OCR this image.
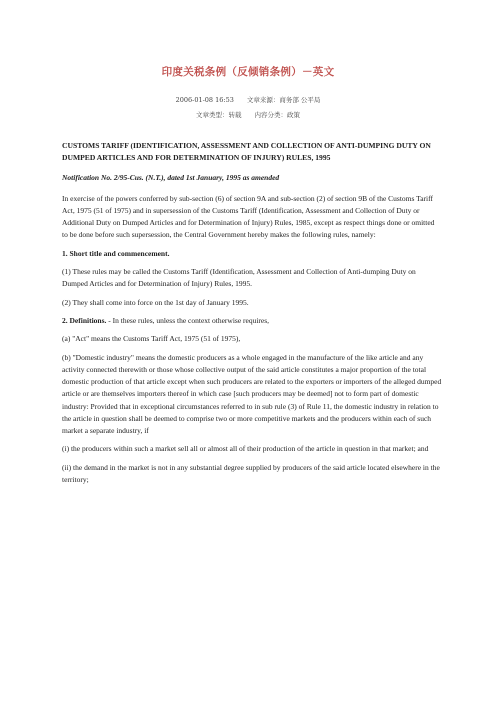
印度关税条例（反倾销条例）－英文
2006-01-08 16:53　　文章来源：商务部 公平局
文章类型：转载　　内容分类：政策

CUSTOMS TARIFF (IDENTIFICATION, ASSESSMENT AND COLLECTION OF ANTI-DUMPING DUTY ON DUMPED ARTICLES AND FOR DETERMINATION OF INJURY) RULES, 1995

Notification No. 2/95-Cus. (N.T.), dated 1st January, 1995 as amended

In exercise of the powers conferred by sub-section (6) of section 9A and sub-section (2) of section 9B of the Customs Tariff Act, 1975 (51 of 1975) and in supersession of the Customs Tariff (Identification, Assessment and Collection of Duty or Additional Duty on Dumped Articles and for Determination of Injury) Rules, 1985, except as respect things done or omitted to be done before such supersession, the Central Government hereby makes the following rules, namely:

1. Short title and commencement.

(1) These rules may be called the Customs Tariff (Identification, Assessment and Collection of Anti-dumping Duty on Dumped Articles and for Determination of Injury) Rules, 1995.

(2) They shall come into force on the 1st day of January 1995.

2. Definitions. - In these rules, unless the context otherwise requires,

(a) "Act" means the Customs Tariff Act, 1975 (51 of 1975),

(b) "Domestic industry" means the domestic producers as a whole engaged in the manufacture of the like article and any activity connected therewith or those whose collective output of the said article constitutes a major proportion of the total domestic production of that article except when such producers are related to the exporters or importers of the alleged dumped article or are themselves importers thereof in which case [such producers may be deemed] not to form part of domestic industry: Provided that in exceptional circumstances referred to in sub rule (3) of Rule 11, the domestic industry in relation to the article in question shall be deemed to comprise two or more competitive markets and the producers within each of such market a separate industry, if

(i) the producers within such a market sell all or almost all of their production of the article in question in that market; and

(ii) the demand in the market is not in any substantial degree supplied by producers of the said article located elsewhere in the territory;
